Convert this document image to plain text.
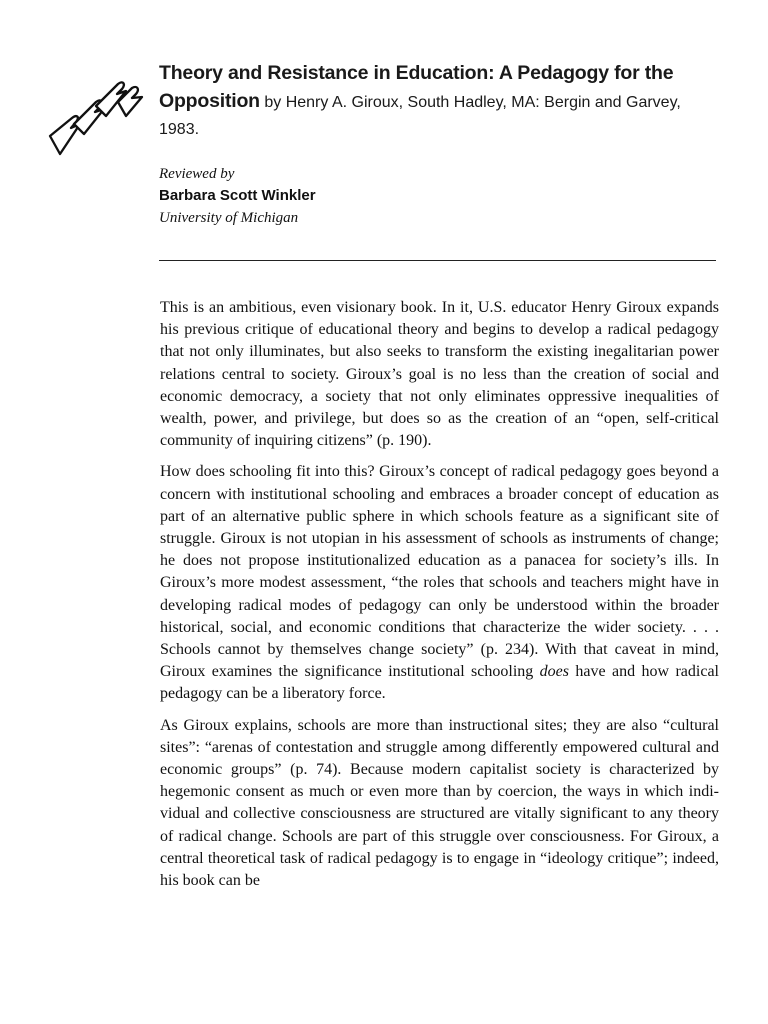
Theory and Resistance in Education: A Pedagogy for the Opposition by Henry A. Giroux, South Hadley, MA: Bergin and Garvey, 1983.
Reviewed by
Barbara Scott Winkler
University of Michigan

This is an ambitious, even visionary book. In it, U.S. educator Henry Giroux expands his previous critique of educational theory and begins to develop a radical pedagogy that not only illuminates, but also seeks to transform the existing inegalitarian power relations central to society. Giroux’s goal is no less than the creation of social and economic democracy, a society that not only eliminates oppressive inequalities of wealth, power, and privilege, but does so as the creation of an “open, self-critical community of inquiring citizens” (p. 190).

How does schooling fit into this? Giroux’s concept of radical pedagogy goes beyond a concern with institutional schooling and embraces a broader concept of education as part of an alternative public sphere in which schools feature as a significant site of struggle. Giroux is not utopian in his assessment of schools as instruments of change; he does not propose institutionalized education as a panacea for society’s ills. In Giroux’s more modest assessment, “the roles that schools and teachers might have in developing radical modes of pedagogy can only be understood within the broader historical, social, and economic conditions that characterize the wider society. . . . Schools cannot by themselves change society” (p. 234). With that caveat in mind, Giroux examines the significance institutional schooling does have and how radical pedagogy can be a liberatory force.

As Giroux explains, schools are more than instructional sites; they are also “cultural sites”: “arenas of contestation and struggle among differently empowered cultural and economic groups” (p. 74). Because modern capitalist society is characterized by hegemonic consent as much or even more than by coercion, the ways in which individual and collective consciousness are structured are vitally significant to any theory of radical change. Schools are part of this struggle over consciousness. For Giroux, a central theoretical task of radical pedagogy is to engage in “ideology critique”; indeed, his book can be
